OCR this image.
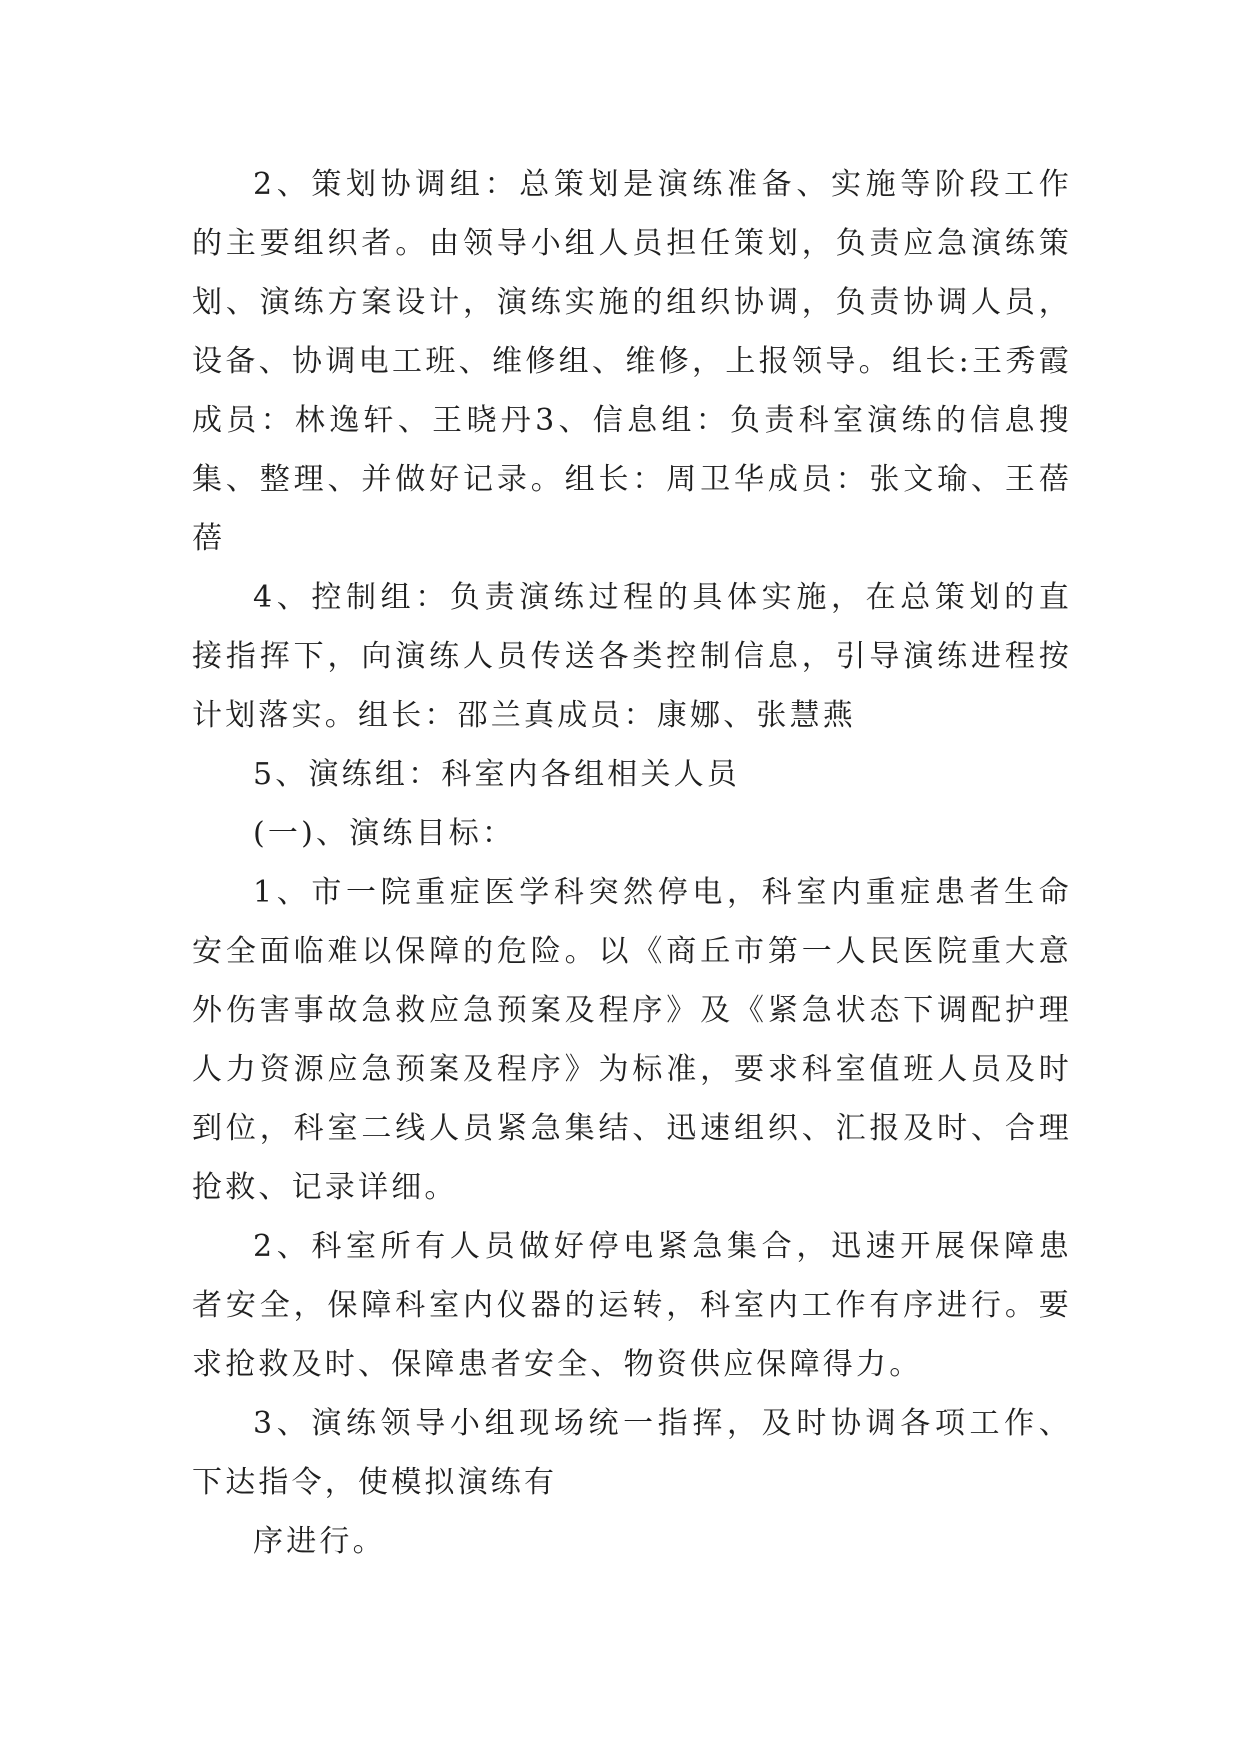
2、策划协调组：总策划是演练准备、实施等阶段工作的主要组织者。由领导小组人员担任策划，负责应急演练策划、演练方案设计，演练实施的组织协调，负责协调人员，设备、协调电工班、维修组、维修，上报领导。组长:王秀霞成员：林逸轩、王晓丹3、信息组：负责科室演练的信息搜集、整理、并做好记录。组长：周卫华成员：张文瑜、王蓓蓓

4、控制组：负责演练过程的具体实施，在总策划的直接指挥下，向演练人员传送各类控制信息，引导演练进程按计划落实。组长：邵兰真成员：康娜、张慧燕

5、演练组：科室内各组相关人员

(一)、演练目标：

1、市一院重症医学科突然停电，科室内重症患者生命安全面临难以保障的危险。以《商丘市第一人民医院重大意外伤害事故急救应急预案及程序》及《紧急状态下调配护理人力资源应急预案及程序》为标准，要求科室值班人员及时到位，科室二线人员紧急集结、迅速组织、汇报及时、合理抢救、记录详细。

2、科室所有人员做好停电紧急集合，迅速开展保障患者安全，保障科室内仪器的运转，科室内工作有序进行。要求抢救及时、保障患者安全、物资供应保障得力。

3、演练领导小组现场统一指挥，及时协调各项工作、下达指令，使模拟演练有

序进行。
